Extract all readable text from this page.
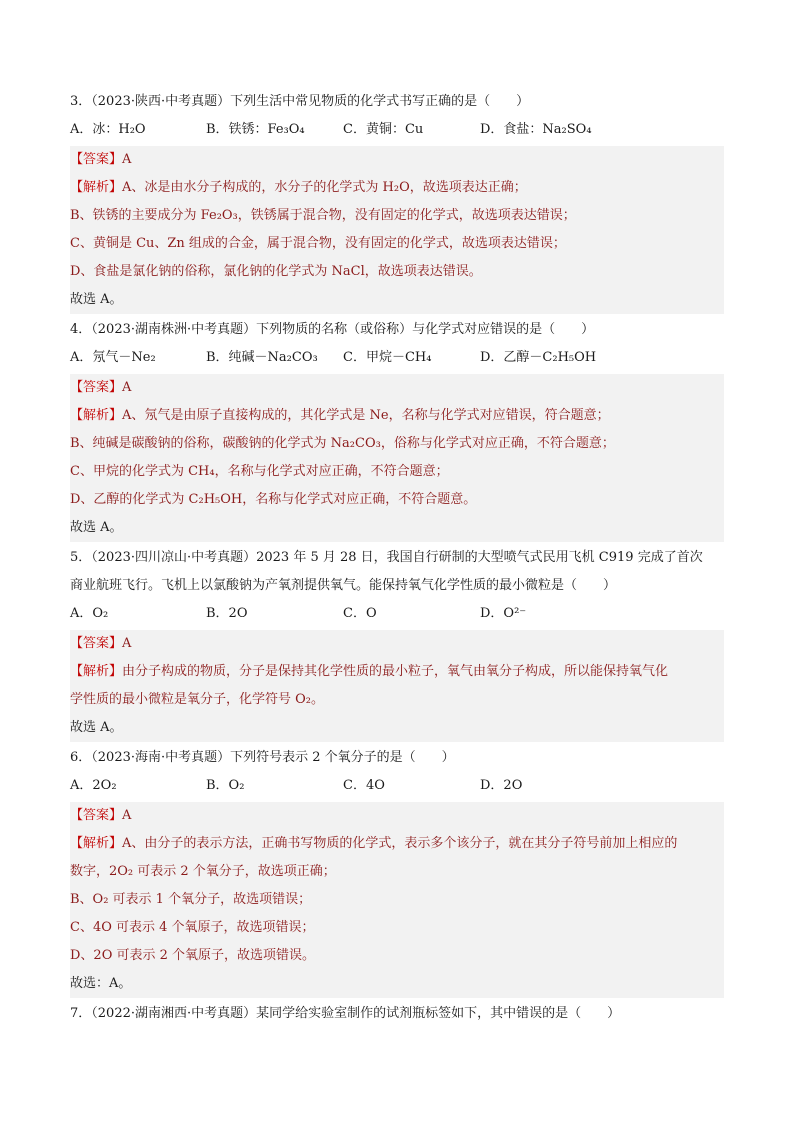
3．（2023·陕西·中考真题）下列生活中常见物质的化学式书写正确的是（　　）
A．冰：H₂O	B．铁锈：Fe₃O₄	C．黄铜：Cu	D．食盐：Na₂SO₄
【答案】A
【解析】A、冰是由水分子构成的，水分子的化学式为 H₂O，故选项表达正确；
B、铁锈的主要成分为 Fe₂O₃，铁锈属于混合物，没有固定的化学式，故选项表达错误；
C、黄铜是 Cu、Zn 组成的合金，属于混合物，没有固定的化学式，故选项表达错误；
D、食盐是氯化钠的俗称，氯化钠的化学式为 NaCl，故选项表达错误。
故选 A。
4．（2023·湖南株洲·中考真题）下列物质的名称（或俗称）与化学式对应错误的是（　　）
A．氖气－Ne₂	B．纯碱－Na₂CO₃	C．甲烷－CH₄	D．乙醇－C₂H₅OH
【答案】A
【解析】A、氖气是由原子直接构成的，其化学式是 Ne，名称与化学式对应错误，符合题意；
B、纯碱是碳酸钠的俗称，碳酸钠的化学式为 Na₂CO₃，俗称与化学式对应正确，不符合题意；
C、甲烷的化学式为 CH₄，名称与化学式对应正确，不符合题意；
D、乙醇的化学式为 C₂H₅OH，名称与化学式对应正确，不符合题意。
故选 A。
5．（2023·四川凉山·中考真题）2023 年 5 月 28 日，我国自行研制的大型喷气式民用飞机 C919 完成了首次
商业航班飞行。飞机上以氯酸钠为产氧剂提供氧气。能保持氧气化学性质的最小微粒是（　　）
A．O₂	B．2O	C．O	D．O²⁻
【答案】A
【解析】由分子构成的物质，分子是保持其化学性质的最小粒子，氧气由氧分子构成，所以能保持氧气化
学性质的最小微粒是氧分子，化学符号 O₂。
故选 A。
6．（2023·海南·中考真题）下列符号表示 2 个氧分子的是（　　）
A．2O₂	B．O₂	C．4O	D．2O
【答案】A
【解析】A、由分子的表示方法，正确书写物质的化学式，表示多个该分子，就在其分子符号前加上相应的
数字，2O₂ 可表示 2 个氧分子，故选项正确；
B、O₂ 可表示 1 个氧分子，故选项错误；
C、4O 可表示 4 个氧原子，故选项错误；
D、2O 可表示 2 个氧原子，故选项错误。
故选：A。
7．（2022·湖南湘西·中考真题）某同学给实验室制作的试剂瓶标签如下，其中错误的是（　　）
